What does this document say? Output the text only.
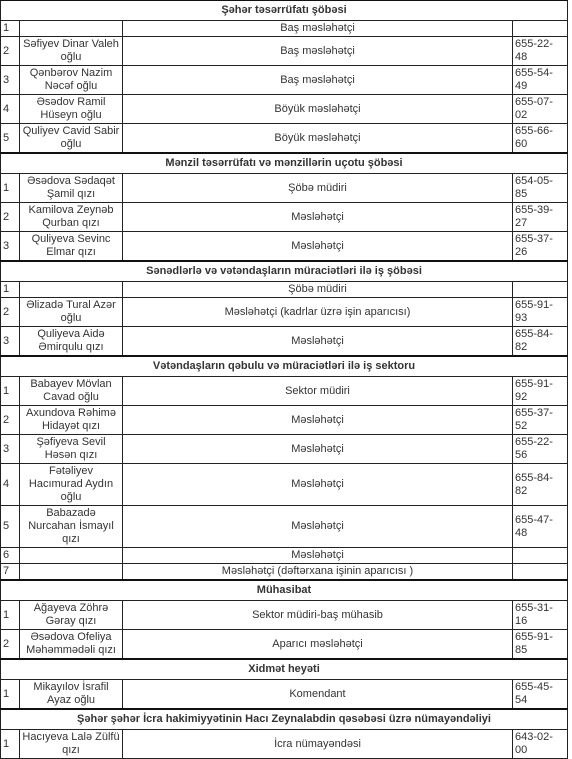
Şəhər təsərrüfatı şöbəsi			
1		Baş məsləhətçi	
2	Səfiyev Dinar Valeh oğlu	Baş məsləhətçi	655-22-48
3	Qənbərov Nazim Nəcəf oğlu	Baş məsləhətçi	655-54-49
4	Əsədov Ramil Hüseyn oğlu	Böyük məsləhətçi	655-07-02
5	Quliyev Cavid Sabir oğlu	Böyük məsləhətçi	655-66-60
Mənzil təsərrüfatı və mənzillərin uçotu şöbəsi			
1	Əsədova Sədaqət Şamil qızı	Şöbə müdiri	654-05-85
2	Kamilova Zeynəb Qurban qızı	Məsləhətçi	655-39-27
3	Quliyeva Sevinc Elmar qızı	Məsləhətçi	655-37-26
Sənədlərlə və vətəndaşların müraciətləri ilə iş şöbəsi			
1		Şöbə müdiri	
2	Əlizadə Tural Azər oğlu	Məsləhətçi (kadrlar üzrə işin aparıcısı)	655-91-93
3	Quliyeva Aidə Əmirqulu qızı	Məsləhətçi	655-84-82
Vətəndaşların qəbulu və müraciətləri ilə iş sektoru			
1	Babayev Mövlan Cavad oğlu	Sektor müdiri	655-91-92
2	Axundova Rəhimə Hidayət qızı	Məsləhətçi	655-37-52
3	Şəfiyeva Sevil Həsən qızı	Məsləhətçi	655-22-56
4	Fətəliyev Hacımurad Aydın oğlu	Məsləhətçi	655-84-82
5	Babazadə Nurcahan İsmayıl qızı	Məsləhətçi	655-47-48
6		Məsləhətçi	
7		Məsləhətçi (dəftərxana işinin aparıcısı )	
Mühasibat			
1	Ağayeva Zöhrə Gəray qızı	Sektor müdiri-baş mühasib	655-31-16
2	Əsədova Ofeliya Məhəmmədəli qızı	Aparıcı məsləhətçi	655-91-85
Xidmət heyəti			
1	Mikayılov İsrafil Ayaz oğlu	Komendant	655-45-54
Şəhər şəhər İcra hakimiyyətinin Hacı Zeynalabdin qəsəbəsi üzrə nümayəndəliyi			
1	Hacıyeva Lalə Zülfü qızı	İcra nümayəndəsi	643-02-00
